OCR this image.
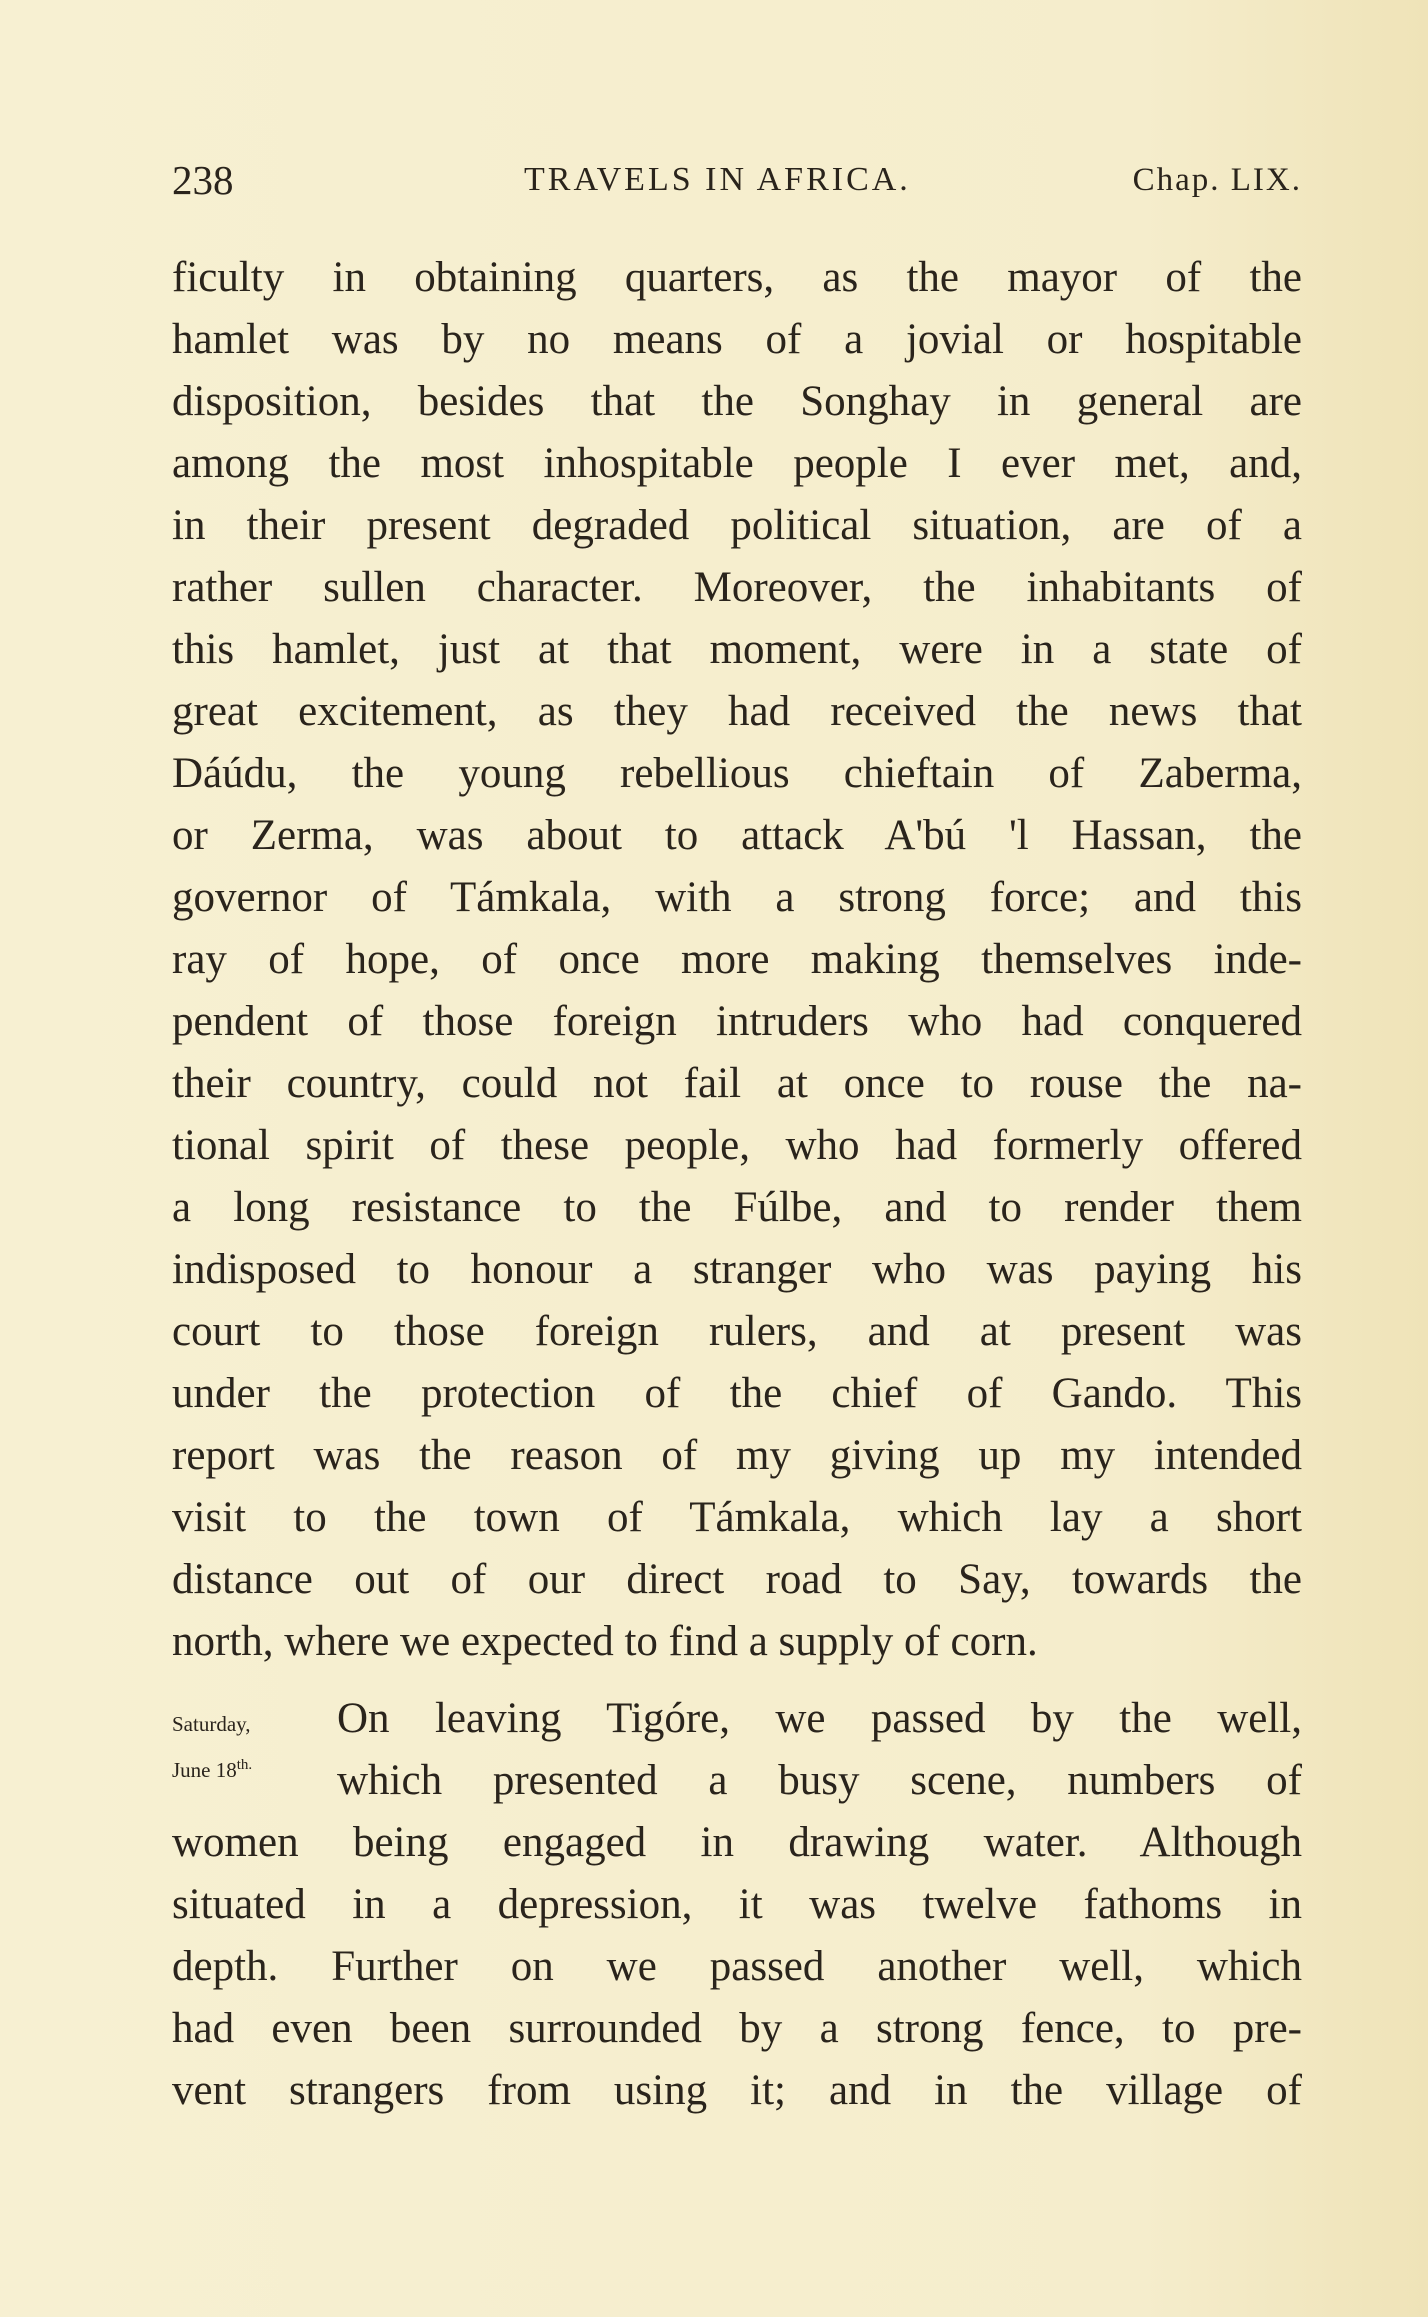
238	TRAVELS IN AFRICA.	Chap. LIX.
ficulty in obtaining quarters, as the mayor of the
hamlet was by no means of a jovial or hospitable
disposition, besides that the Songhay in general are
among the most inhospitable people I ever met, and,
in their present degraded political situation, are of a
rather sullen character. Moreover, the inhabitants of
this hamlet, just at that moment, were in a state of
great excitement, as they had received the news that
Dáúdu, the young rebellious chieftain of Zaberma,
or Zerma, was about to attack A'bú 'l Hassan, the
governor of Támkala, with a strong force; and this
ray of hope, of once more making themselves inde-
pendent of those foreign intruders who had conquered
their country, could not fail at once to rouse the na-
tional spirit of these people, who had formerly offered
a long resistance to the Fúlbe, and to render them
indisposed to honour a stranger who was paying his
court to those foreign rulers, and at present was
under the protection of the chief of Gando. This
report was the reason of my giving up my intended
visit to the town of Támkala, which lay a short
distance out of our direct road to Say, towards the
north, where we expected to find a supply of corn.
On leaving Tigóre, we passed by the well,
which presented a busy scene, numbers of
women being engaged in drawing water. Although
situated in a depression, it was twelve fathoms in
depth. Further on we passed another well, which
had even been surrounded by a strong fence, to pre-
vent strangers from using it; and in the village of
Saturday,
June $18^{th.}$
